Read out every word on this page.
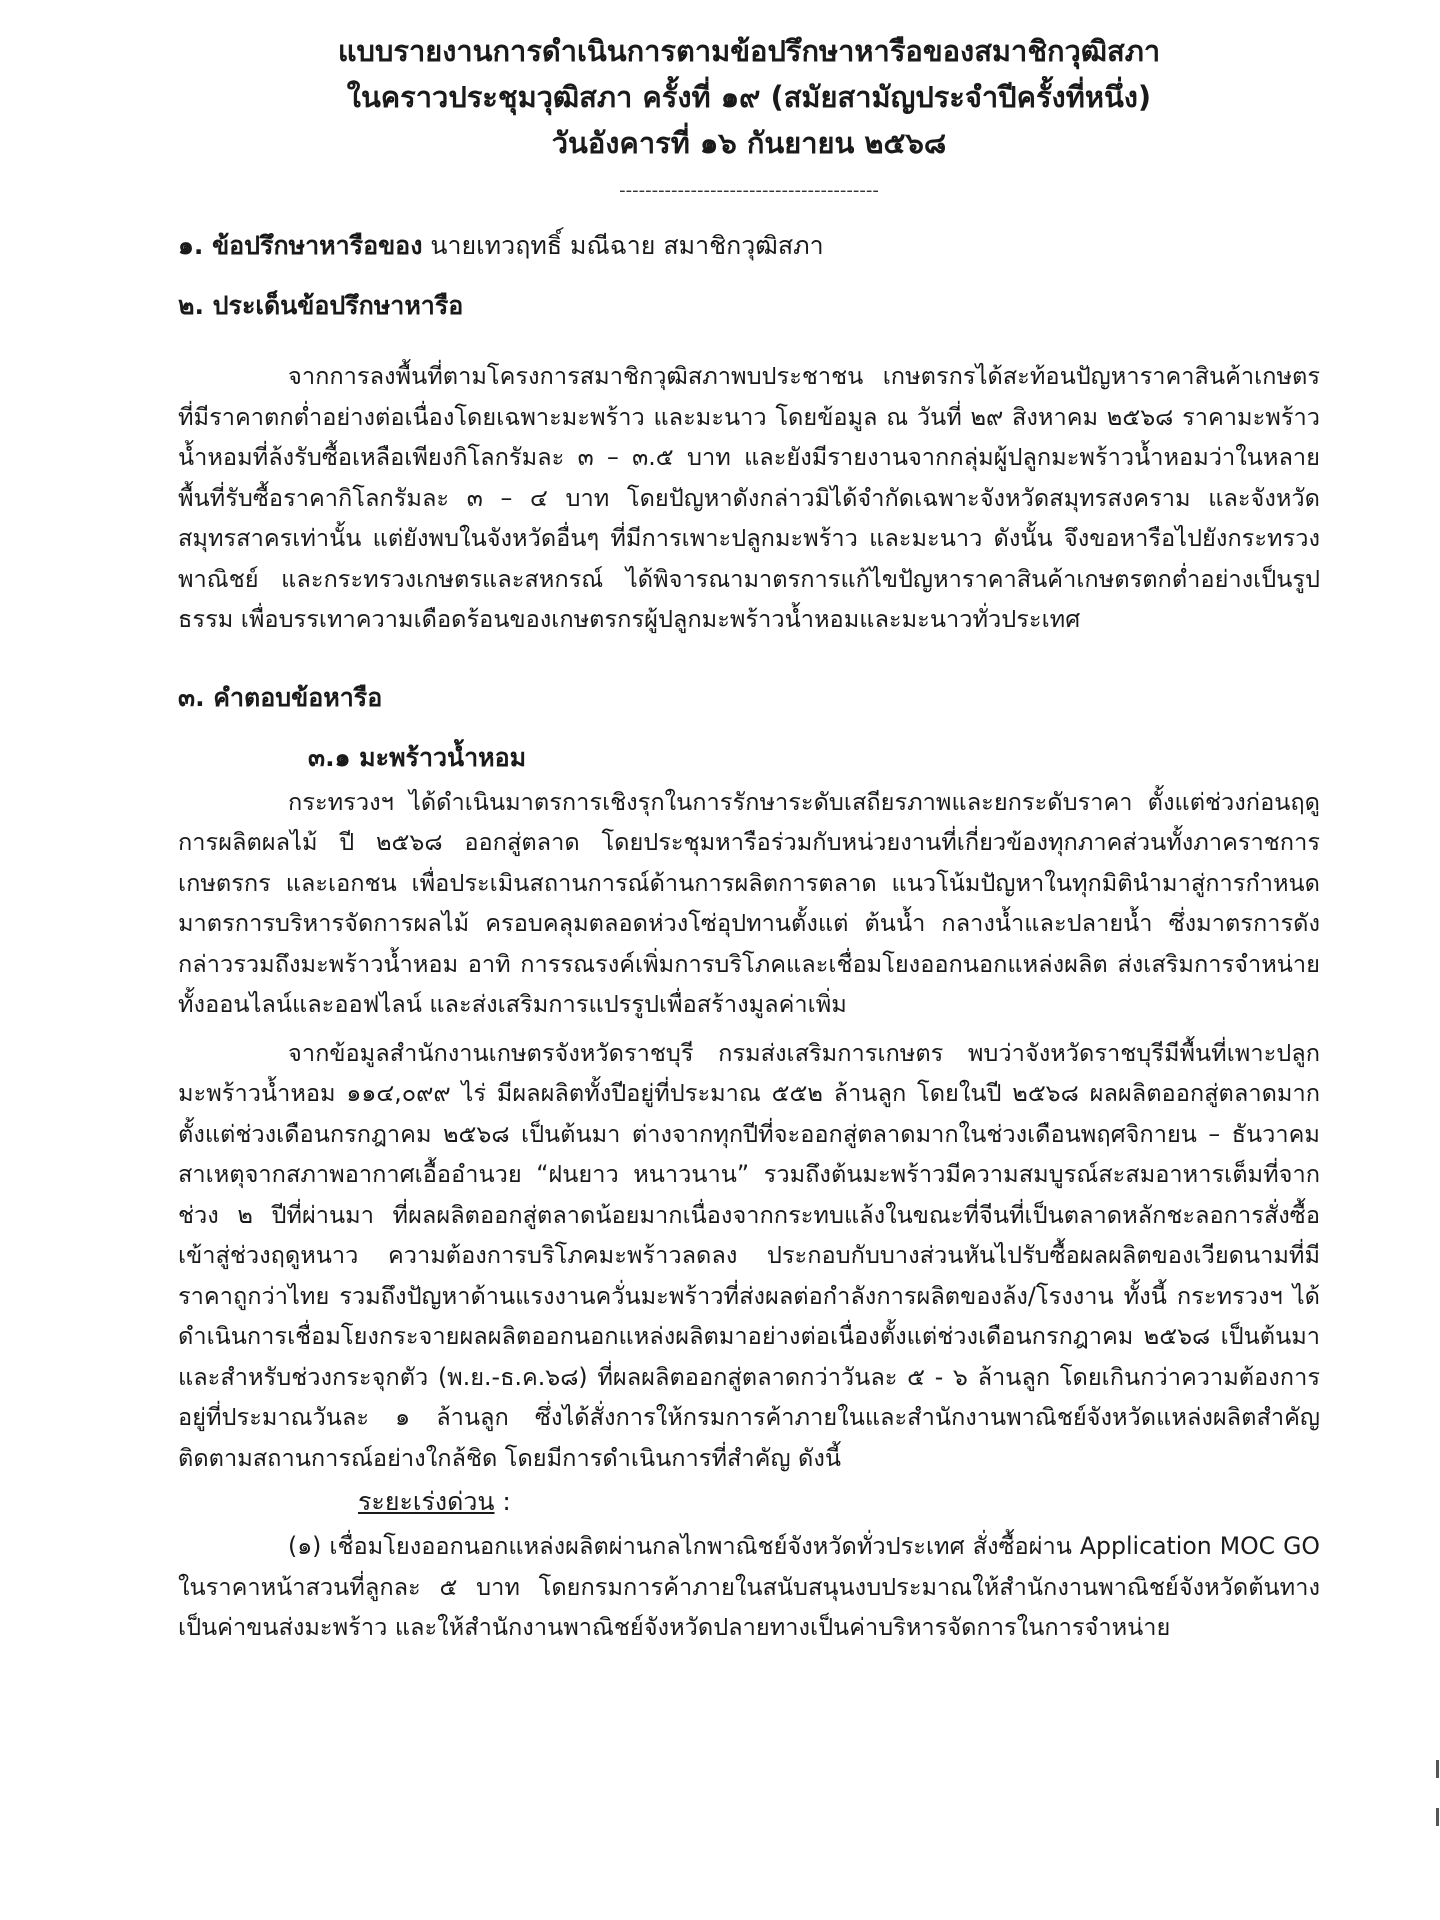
แบบรายงานการดำเนินการตามข้อปรึกษาหารือของสมาชิกวุฒิสภา
ในคราวประชุมวุฒิสภา ครั้งที่ ๑๙ (สมัยสามัญประจำปีครั้งที่หนึ่ง)
วันอังคารที่ ๑๖ กันยายน ๒๕๖๘
----------------------------------------

๑. ข้อปรึกษาหารือของ นายเทวฤทธิ์ มณีฉาย สมาชิกวุฒิสภา

๒. ประเด็นข้อปรึกษาหารือ

จากการลงพื้นที่ตามโครงการสมาชิกวุฒิสภาพบประชาชน เกษตรกรได้สะท้อนปัญหาราคาสินค้าเกษตรที่มีราคาตกต่ำอย่างต่อเนื่องโดยเฉพาะมะพร้าว และมะนาว โดยข้อมูล ณ วันที่ ๒๙ สิงหาคม ๒๕๖๘ ราคามะพร้าวน้ำหอมที่ล้งรับซื้อเหลือเพียงกิโลกรัมละ ๓ – ๓.๕ บาท และยังมีรายงานจากกลุ่มผู้ปลูกมะพร้าวน้ำหอมว่าในหลายพื้นที่รับซื้อราคากิโลกรัมละ ๓ – ๔ บาท โดยปัญหาดังกล่าวมิได้จำกัดเฉพาะจังหวัดสมุทรสงคราม และจังหวัดสมุทรสาครเท่านั้น แต่ยังพบในจังหวัดอื่นๆ ที่มีการเพาะปลูกมะพร้าว และมะนาว ดังนั้น จึงขอหารือไปยังกระทรวงพาณิชย์ และกระทรวงเกษตรและสหกรณ์ ได้พิจารณามาตรการแก้ไขปัญหาราคาสินค้าเกษตรตกต่ำอย่างเป็นรูปธรรม เพื่อบรรเทาความเดือดร้อนของเกษตรกรผู้ปลูกมะพร้าวน้ำหอมและมะนาวทั่วประเทศ

๓. คำตอบข้อหารือ

๓.๑ มะพร้าวน้ำหอม

กระทรวงฯ ได้ดำเนินมาตรการเชิงรุกในการรักษาระดับเสถียรภาพและยกระดับราคา ตั้งแต่ช่วงก่อนฤดูการผลิตผลไม้ ปี ๒๕๖๘ ออกสู่ตลาด โดยประชุมหารือร่วมกับหน่วยงานที่เกี่ยวข้องทุกภาคส่วนทั้งภาคราชการ เกษตรกร และเอกชน เพื่อประเมินสถานการณ์ด้านการผลิตการตลาด แนวโน้มปัญหาในทุกมิตินำมาสู่การกำหนดมาตรการบริหารจัดการผลไม้ ครอบคลุมตลอดห่วงโซ่อุปทานตั้งแต่ ต้นน้ำ กลางน้ำและปลายน้ำ ซึ่งมาตรการดังกล่าวรวมถึงมะพร้าวน้ำหอม อาทิ การรณรงค์เพิ่มการบริโภคและเชื่อมโยงออกนอกแหล่งผลิต ส่งเสริมการจำหน่ายทั้งออนไลน์และออฟไลน์ และส่งเสริมการแปรรูปเพื่อสร้างมูลค่าเพิ่ม

จากข้อมูลสำนักงานเกษตรจังหวัดราชบุรี กรมส่งเสริมการเกษตร พบว่าจังหวัดราชบุรีมีพื้นที่เพาะปลูกมะพร้าวน้ำหอม ๑๑๔,๐๙๙ ไร่ มีผลผลิตทั้งปีอยู่ที่ประมาณ ๕๕๒ ล้านลูก โดยในปี ๒๕๖๘ ผลผลิตออกสู่ตลาดมากตั้งแต่ช่วงเดือนกรกฎาคม ๒๕๖๘ เป็นต้นมา ต่างจากทุกปีที่จะออกสู่ตลาดมากในช่วงเดือนพฤศจิกายน – ธันวาคม สาเหตุจากสภาพอากาศเอื้ออำนวย “ฝนยาว หนาวนาน” รวมถึงต้นมะพร้าวมีความสมบูรณ์สะสมอาหารเต็มที่จากช่วง ๒ ปีที่ผ่านมา ที่ผลผลิตออกสู่ตลาดน้อยมากเนื่องจากกระทบแล้งในขณะที่จีนที่เป็นตลาดหลักชะลอการสั่งซื้อ เข้าสู่ช่วงฤดูหนาว ความต้องการบริโภคมะพร้าวลดลง ประกอบกับบางส่วนหันไปรับซื้อผลผลิตของเวียดนามที่มีราคาถูกว่าไทย รวมถึงปัญหาด้านแรงงานควั่นมะพร้าวที่ส่งผลต่อกำลังการผลิตของล้ง/โรงงาน ทั้งนี้ กระทรวงฯ ได้ดำเนินการเชื่อมโยงกระจายผลผลิตออกนอกแหล่งผลิตมาอย่างต่อเนื่องตั้งแต่ช่วงเดือนกรกฎาคม ๒๕๖๘ เป็นต้นมา และสำหรับช่วงกระจุกตัว (พ.ย.-ธ.ค.๖๘) ที่ผลผลิตออกสู่ตลาดกว่าวันละ ๕ - ๖ ล้านลูก โดยเกินกว่าความต้องการอยู่ที่ประมาณวันละ ๑ ล้านลูก ซึ่งได้สั่งการให้กรมการค้าภายในและสำนักงานพาณิชย์จังหวัดแหล่งผลิตสำคัญ ติดตามสถานการณ์อย่างใกล้ชิด โดยมีการดำเนินการที่สำคัญ ดังนี้

ระยะเร่งด่วน :

(๑) เชื่อมโยงออกนอกแหล่งผลิตผ่านกลไกพาณิชย์จังหวัดทั่วประเทศ สั่งซื้อผ่าน Application MOC GO ในราคาหน้าสวนที่ลูกละ ๕ บาท โดยกรมการค้าภายในสนับสนุนงบประมาณให้สำนักงานพาณิชย์จังหวัดต้นทางเป็นค่าขนส่งมะพร้าว และให้สำนักงานพาณิชย์จังหวัดปลายทางเป็นค่าบริหารจัดการในการจำหน่าย
